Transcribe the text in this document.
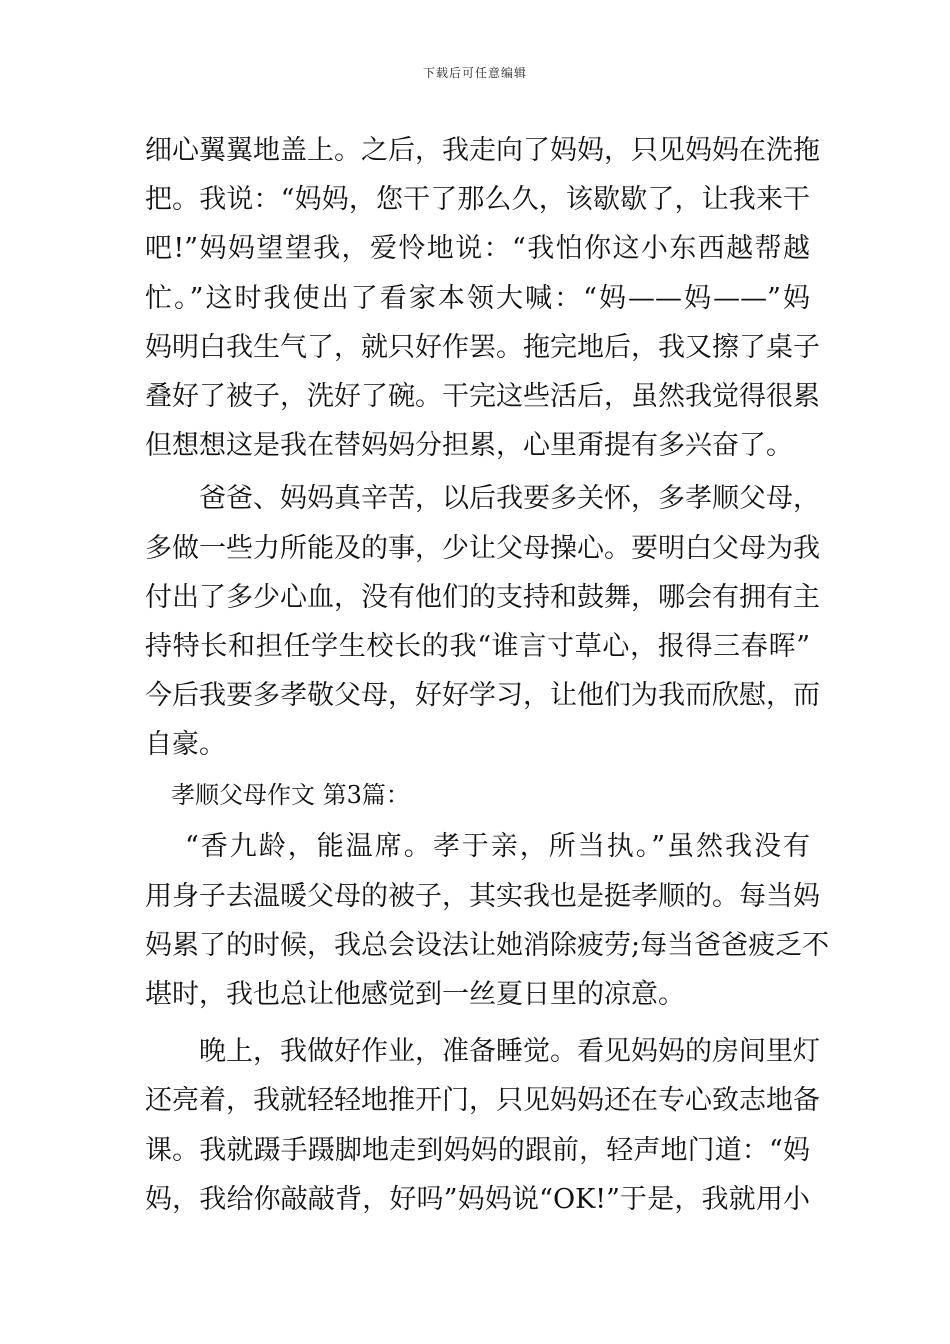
下载后可任意编辑
细心翼翼地盖上。之后，我走向了妈妈，只见妈妈在洗拖
把。我说：“妈妈，您干了那么久，该歇歇了，让我来干
吧!”妈妈望望我，爱怜地说：“我怕你这小东西越帮越
忙。”这时我使出了看家本领大喊：“妈——妈——”妈
妈明白我生气了，就只好作罢。拖完地后，我又擦了桌子
叠好了被子，洗好了碗。干完这些活后，虽然我觉得很累
但想想这是我在替妈妈分担累，心里甭提有多兴奋了。
爸爸、妈妈真辛苦，以后我要多关怀，多孝顺父母，
多做一些力所能及的事，少让父母操心。要明白父母为我
付出了多少心血，没有他们的支持和鼓舞，哪会有拥有主
持特长和担任学生校长的我“谁言寸草心，报得三春晖”
今后我要多孝敬父母，好好学习，让他们为我而欣慰，而
自豪。
孝顺父母作文 第3篇：
“香九龄，能温席。孝于亲，所当执。”虽然我没有
用身子去温暖父母的被子，其实我也是挺孝顺的。每当妈
妈累了的时候，我总会设法让她消除疲劳;每当爸爸疲乏不
堪时，我也总让他感觉到一丝夏日里的凉意。
晚上，我做好作业，准备睡觉。看见妈妈的房间里灯
还亮着，我就轻轻地推开门，只见妈妈还在专心致志地备
课。我就蹑手蹑脚地走到妈妈的跟前，轻声地门道：“妈
妈，我给你敲敲背，好吗”妈妈说“OK!”于是，我就用小
